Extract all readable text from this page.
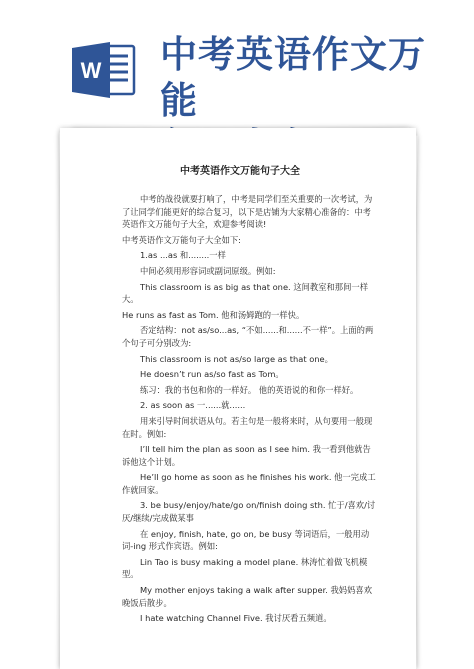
W 中考英语作文万能
中考英语作文万能句子大全
中考的战役就要打响了，中考是同学们至关重要的一次考试，为了让同学们能更好的综合复习，以下是店铺为大家精心准备的：中考英语作文万能句子大全，欢迎参考阅读!
中考英语作文万能句子大全如下:
1.as ...as 和........一样
中间必须用形容词或副词原级。例如:
This classroom is as big as that one. 这间教室和那间一样大。
He runs as fast as Tom. 他和汤姆跑的一样快。
否定结构：not as/so...as, “不如......和......不一样”。上面的两个句子可分别改为:
This classroom is not as/so large as that one。
He doesn’t run as/so fast as Tom。
练习：我的书包和你的一样好。 他的英语说的和你一样好。
2. as soon as 一......就......
用来引导时间状语从句。若主句是一般将来时，从句要用一般现在时。例如:
I’ll tell him the plan as soon as I see him. 我一看到他就告诉他这个计划。
He’ll go home as soon as he finishes his work. 他一完成工作就回家。
3. be busy/enjoy/hate/go on/finish doing sth. 忙于/喜欢/讨厌/继续/完成做某事
在 enjoy, finish, hate, go on, be busy 等词语后，一般用动词-ing 形式作宾语。例如:
Lin Tao is busy making a model plane. 林涛忙着做飞机模型。
My mother enjoys taking a walk after supper. 我妈妈喜欢晚饭后散步。
I hate watching Channel Five. 我讨厌看五频道。
